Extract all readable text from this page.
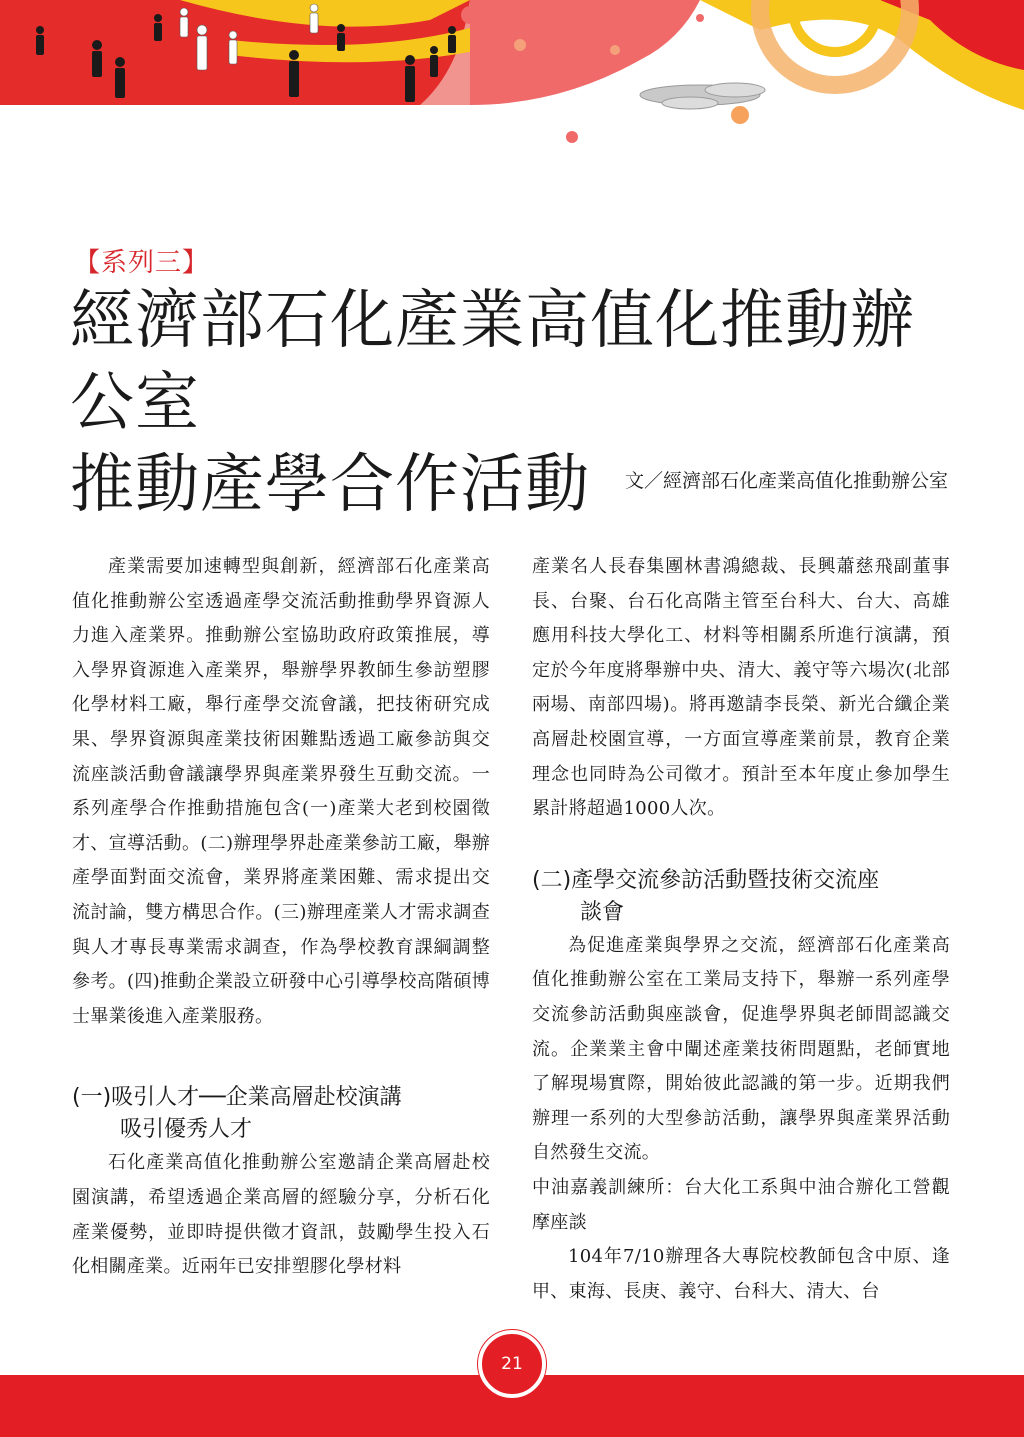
【系列三】
經濟部石化產業高值化推動辦公室
推動產學合作活動	文／經濟部石化產業高值化推動辦公室

產業需要加速轉型與創新，經濟部石化產業高值化推動辦公室透過產學交流活動推動學界資源人力進入產業界。推動辦公室協助政府政策推展，導入學界資源進入產業界，舉辦學界教師生參訪塑膠化學材料工廠，舉行產學交流會議，把技術研究成果、學界資源與產業技術困難點透過工廠參訪與交流座談活動會議讓學界與產業界發生互動交流。一系列產學合作推動措施包含(一)產業大老到校園徵才、宣導活動。(二)辦理學界赴產業參訪工廠，舉辦產學面對面交流會，業界將產業困難、需求提出交流討論，雙方構思合作。(三)辦理產業人才需求調查與人才專長專業需求調查，作為學校教育課綱調整參考。(四)推動企業設立研發中心引導學校高階碩博士畢業後進入產業服務。

(一)吸引人才──企業高層赴校演講
吸引優秀人才

石化產業高值化推動辦公室邀請企業高層赴校園演講，希望透過企業高層的經驗分享，分析石化產業優勢，並即時提供徵才資訊，鼓勵學生投入石化相關產業。近兩年已安排塑膠化學材料

產業名人長春集團林書鴻總裁、長興蕭慈飛副董事長、台聚、台石化高階主管至台科大、台大、高雄應用科技大學化工、材料等相關系所進行演講，預定於今年度將舉辦中央、清大、義守等六場次(北部兩場、南部四場)。將再邀請李長榮、新光合纖企業高層赴校園宣導，一方面宣導產業前景，教育企業理念也同時為公司徵才。預計至本年度止參加學生累計將超過1000人次。

(二)產學交流參訪活動暨技術交流座
談會

為促進產業與學界之交流，經濟部石化產業高值化推動辦公室在工業局支持下，舉辦一系列產學交流參訪活動與座談會，促進學界與老師間認識交流。企業業主會中闡述產業技術問題點，老師實地了解現場實際，開始彼此認識的第一步。近期我們辦理一系列的大型參訪活動，讓學界與產業界活動自然發生交流。

中油嘉義訓練所：台大化工系與中油合辦化工營觀摩座談

104年7/10辦理各大專院校教師包含中原、逢甲、東海、長庚、義守、台科大、清大、台

21
